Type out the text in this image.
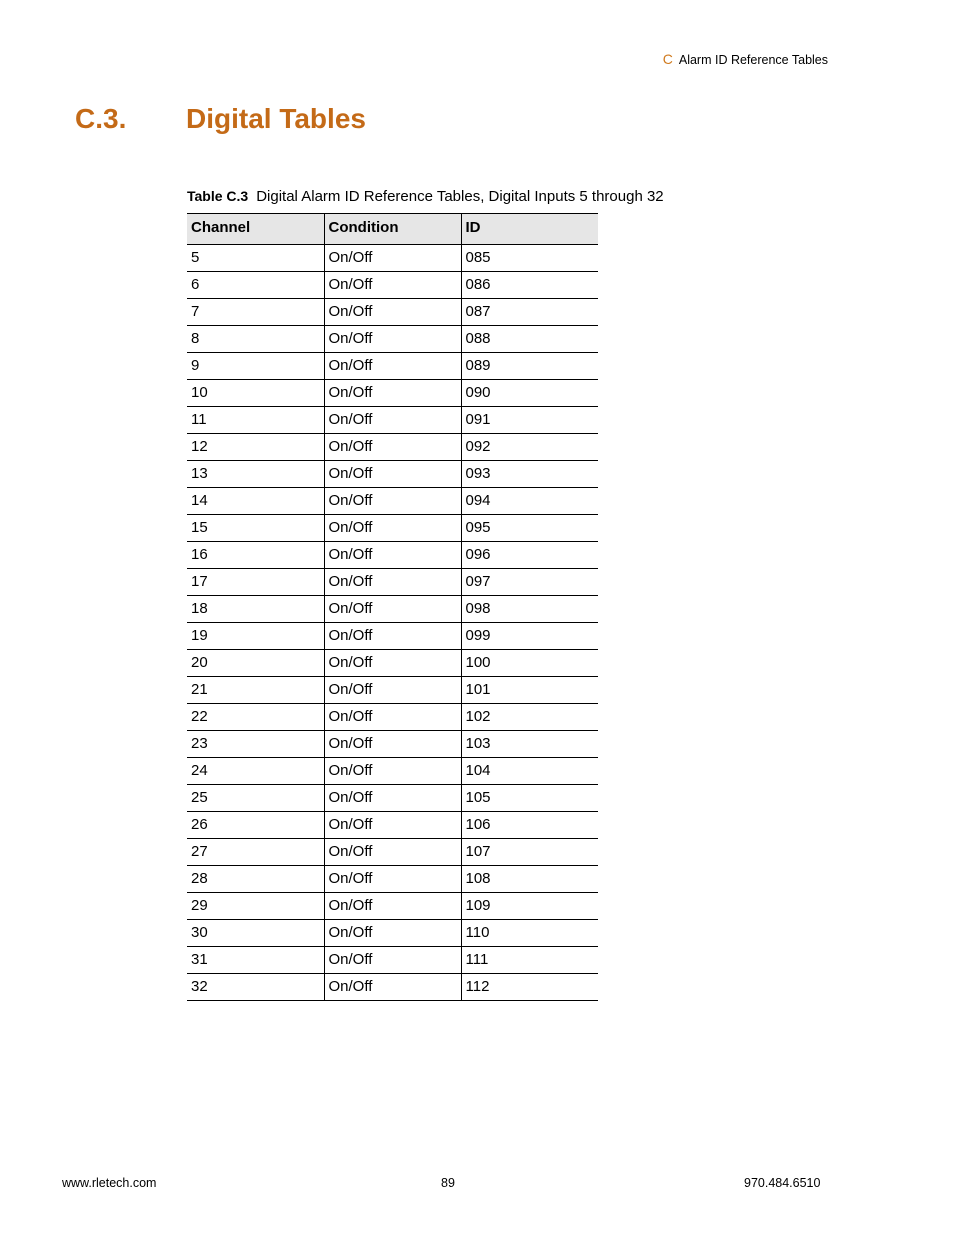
C Alarm ID Reference Tables
C.3. Digital Tables
Table C.3 Digital Alarm ID Reference Tables, Digital Inputs 5 through 32
Channel	Condition	ID
5	On/Off	085
6	On/Off	086
7	On/Off	087
8	On/Off	088
9	On/Off	089
10	On/Off	090
11	On/Off	091
12	On/Off	092
13	On/Off	093
14	On/Off	094
15	On/Off	095
16	On/Off	096
17	On/Off	097
18	On/Off	098
19	On/Off	099
20	On/Off	100
21	On/Off	101
22	On/Off	102
23	On/Off	103
24	On/Off	104
25	On/Off	105
26	On/Off	106
27	On/Off	107
28	On/Off	108
29	On/Off	109
30	On/Off	110
31	On/Off	111
32	On/Off	112
www.rletech.com	89	970.484.6510
